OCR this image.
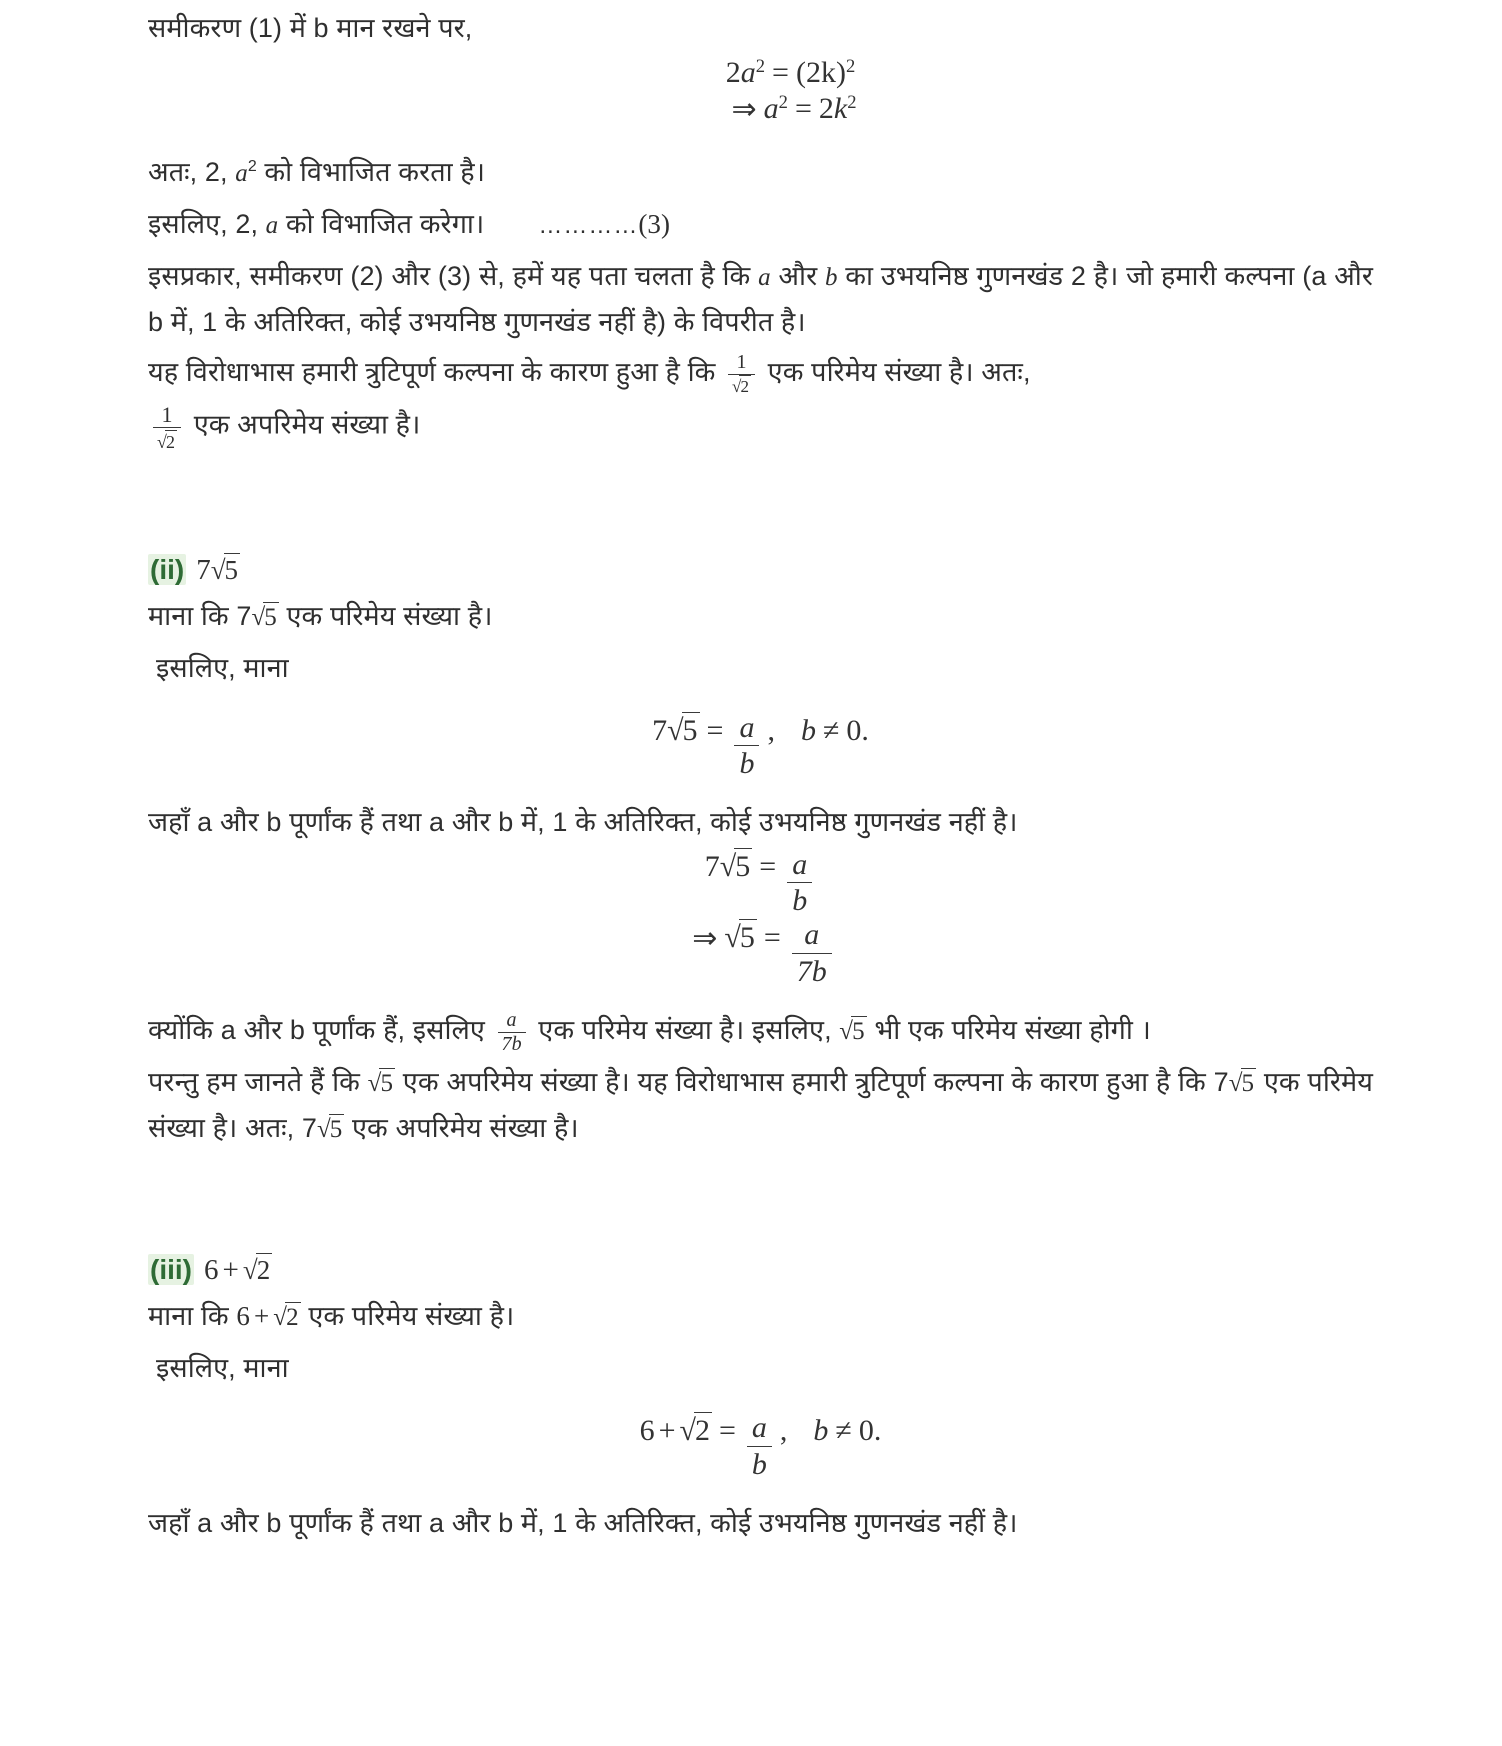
समीकरण (1) में b मान रखने पर,

2 $a^2 = (2k)^2$
⇒ $a^2 = 2$ $k^2$

अतः, 2, $a^2$ को विभाजित करता है।

इसलिए, 2, a को विभाजित करेगा। …………(3)

इसप्रकार, समीकरण (2) और (3) से, हमें यह पता चलता है कि a और b का उभयनिष्ठ गुणनखंड 2 है। जो हमारी कल्पना (a और b में, 1 के अतिरिक्त, कोई उभयनिष्ठ गुणनखंड नहीं है) के विपरीत है।

यह विरोधाभास हमारी त्रुटिपूर्ण कल्पना के कारण हुआ है कि $\frac{1}{√2}$ एक परिमेय संख्या है। अतः,

$\frac{1}{√2}$ एक अपरिमेय संख्या है।

(ii) 7√5

माना कि 7√5 एक परिमेय संख्या है।

इसलिए, माना

7 $√5 = \frac{a}{b}$ , b ≠ 0.

जहाँ a और b पूर्णांक हैं तथा a और b में, 1 के अतिरिक्त, कोई उभयनिष्ठ गुणनखंड नहीं है।

7 $√5 = \frac{a}{b}$
⇒ $√5 = \frac{a}{7b}$

क्योंकि a और b पूर्णांक हैं, इसलिए $\frac{a}{7b}$ एक परिमेय संख्या है। इसलिए, √5 भी एक परिमेय संख्या होगी ।

परन्तु हम जानते हैं कि √5 एक अपरिमेय संख्या है। यह विरोधाभास हमारी त्रुटिपूर्ण कल्पना के कारण हुआ है कि 7√5 एक परिमेय संख्या है। अतः, 7√5 एक अपरिमेय संख्या है।

(iii) 6 + √2

माना कि 6 + √2 एक परिमेय संख्या है।

इसलिए, माना

$6 + √2 = \frac{a}{b}$ , b ≠ 0.

जहाँ a और b पूर्णांक हैं तथा a और b में, 1 के अतिरिक्त, कोई उभयनिष्ठ गुणनखंड नहीं है।
